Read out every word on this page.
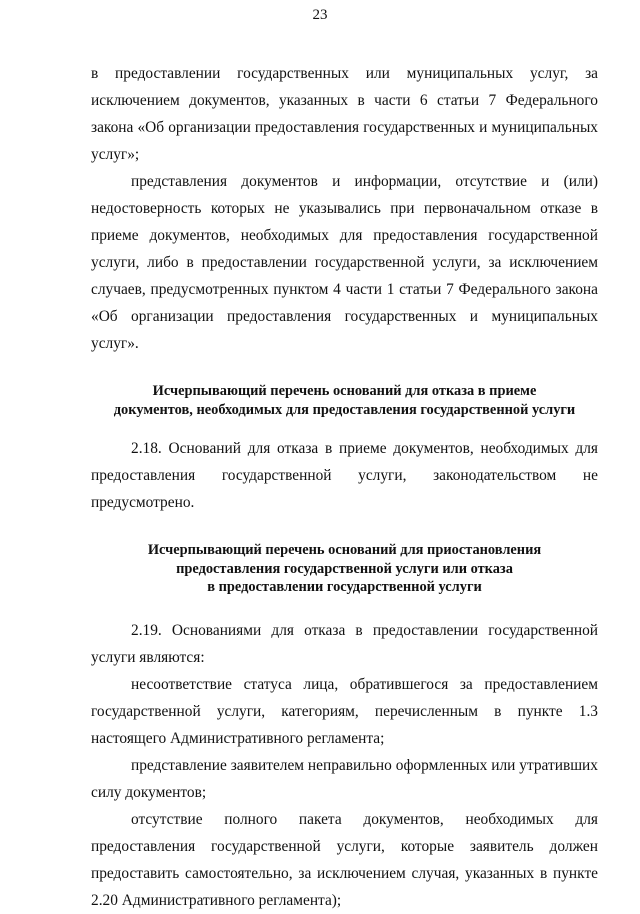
23

в предоставлении государственных или муниципальных услуг, за исключением документов, указанных в части 6 статьи 7 Федерального закона «Об организации предоставления государственных и муниципальных услуг»;

представления документов и информации, отсутствие и (или) недостоверность которых не указывались при первоначальном отказе в приеме документов, необходимых для предоставления государственной услуги, либо в предоставлении государственной услуги, за исключением случаев, предусмотренных пунктом 4 части 1 статьи 7 Федерального закона «Об организации предоставления государственных и муниципальных услуг».

Исчерпывающий перечень оснований для отказа в приеме
документов, необходимых для предоставления государственной услуги

2.18. Оснований для отказа в приеме документов, необходимых для предоставления государственной услуги, законодательством не предусмотрено.

Исчерпывающий перечень оснований для приостановления
предоставления государственной услуги или отказа
в предоставлении государственной услуги

2.19. Основаниями для отказа в предоставлении государственной услуги являются:

несоответствие статуса лица, обратившегося за предоставлением государственной услуги, категориям, перечисленным в пункте 1.3 настоящего Административного регламента;

представление заявителем неправильно оформленных или утративших силу документов;

отсутствие полного пакета документов, необходимых для предоставления государственной услуги, которые заявитель должен предоставить самостоятельно, за исключением случая, указанных в пункте 2.20 Административного регламента);
